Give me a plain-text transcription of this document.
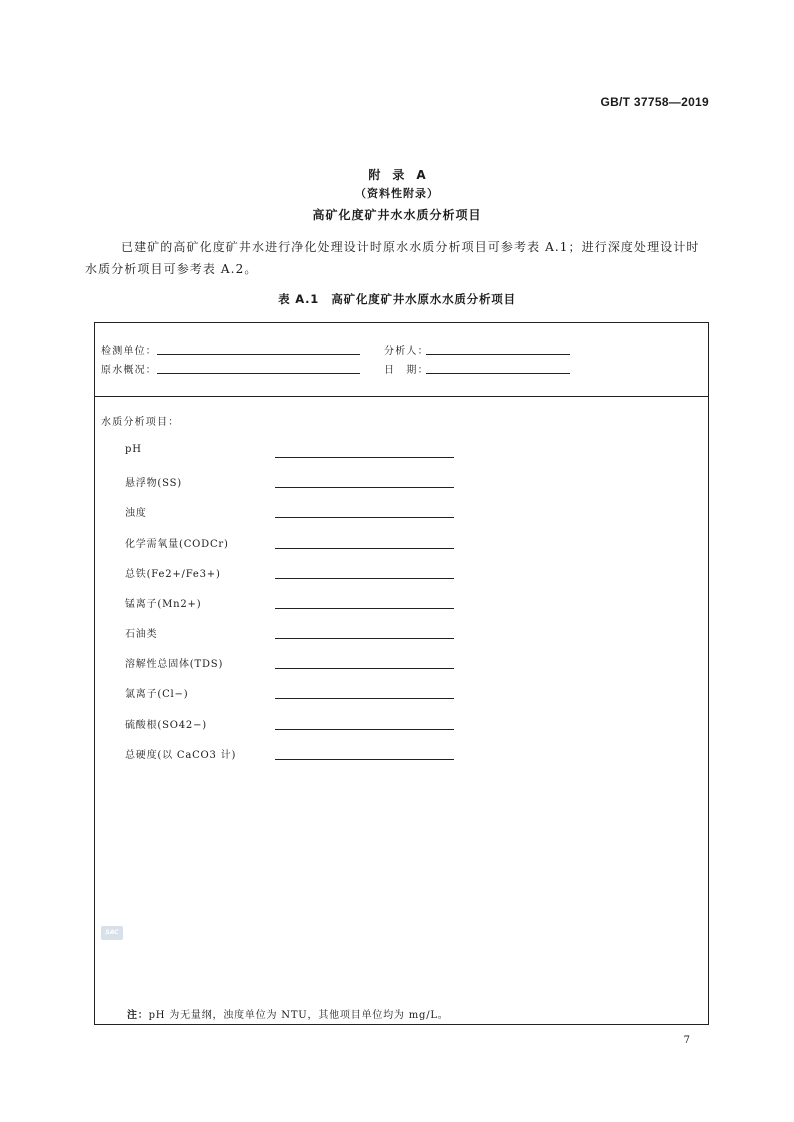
GB/T 37758—2019
附　录　A
（资料性附录）
高矿化度矿井水水质分析项目
已建矿的高矿化度矿井水进行净化处理设计时原水水质分析项目可参考表 A.1；进行深度处理设计时水质分析项目可参考表 A.2。
表 A.1　高矿化度矿井水原水水质分析项目
检测单位：	分析人：
原水概况：	日　期：
水质分析项目：
pH
悬浮物(SS)
浊度
化学需氧量(CODCr)
总铁(Fe2+/Fe3+)
锰离子(Mn2+)
石油类
溶解性总固体(TDS)
氯离子(Cl−)
硫酸根(SO42−)
总硬度(以 CaCO3 计)
SAC
注：pH 为无量纲，浊度单位为 NTU，其他项目单位均为 mg/L。
7
